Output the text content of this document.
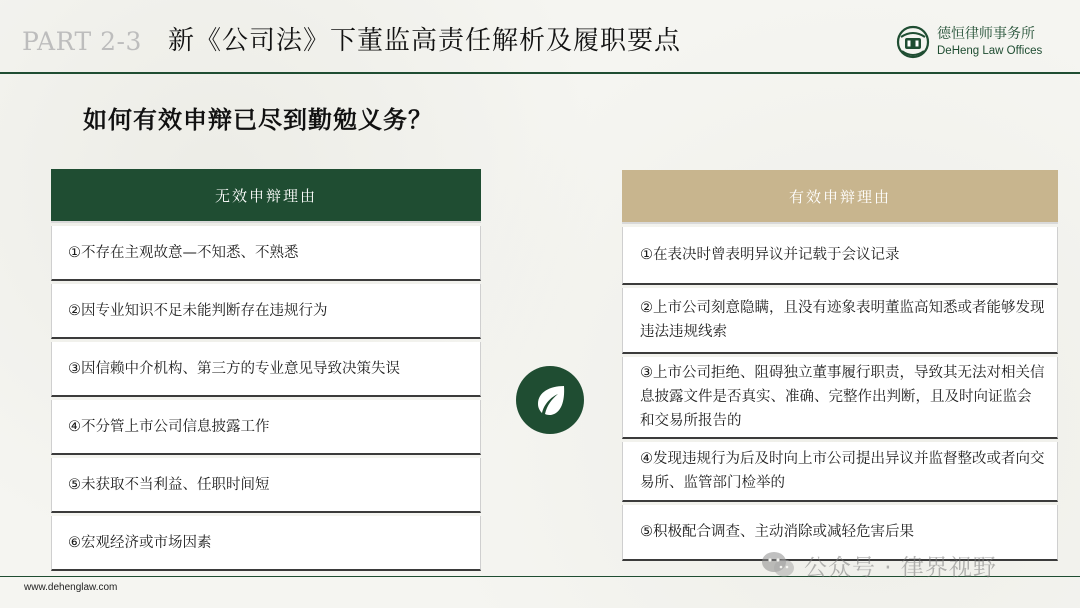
PART 2-3 新《公司法》下董监高责任解析及履职要点	德恒律师事务所
DeHeng Law Offices
如何有效申辩已尽到勤勉义务？
无效申辩理由
①不存在主观故意—不知悉、不熟悉
②因专业知识不足未能判断存在违规行为
③因信赖中介机构、第三方的专业意见导致决策失误
④不分管上市公司信息披露工作
⑤未获取不当利益、任职时间短
⑥宏观经济或市场因素
有效申辩理由
①在表决时曾表明异议并记载于会议记录
②上市公司刻意隐瞒，且没有迹象表明董监高知悉或者能够发现违法违规线索
③上市公司拒绝、阻碍独立董事履行职责，导致其无法对相关信息披露文件是否真实、准确、完整作出判断，且及时向证监会和交易所报告的
④发现违规行为后及时向上市公司提出异议并监督整改或者向交易所、监管部门检举的
⑤积极配合调查、主动消除或减轻危害后果
www.dehenglaw.com
公众号 · 律界视野
